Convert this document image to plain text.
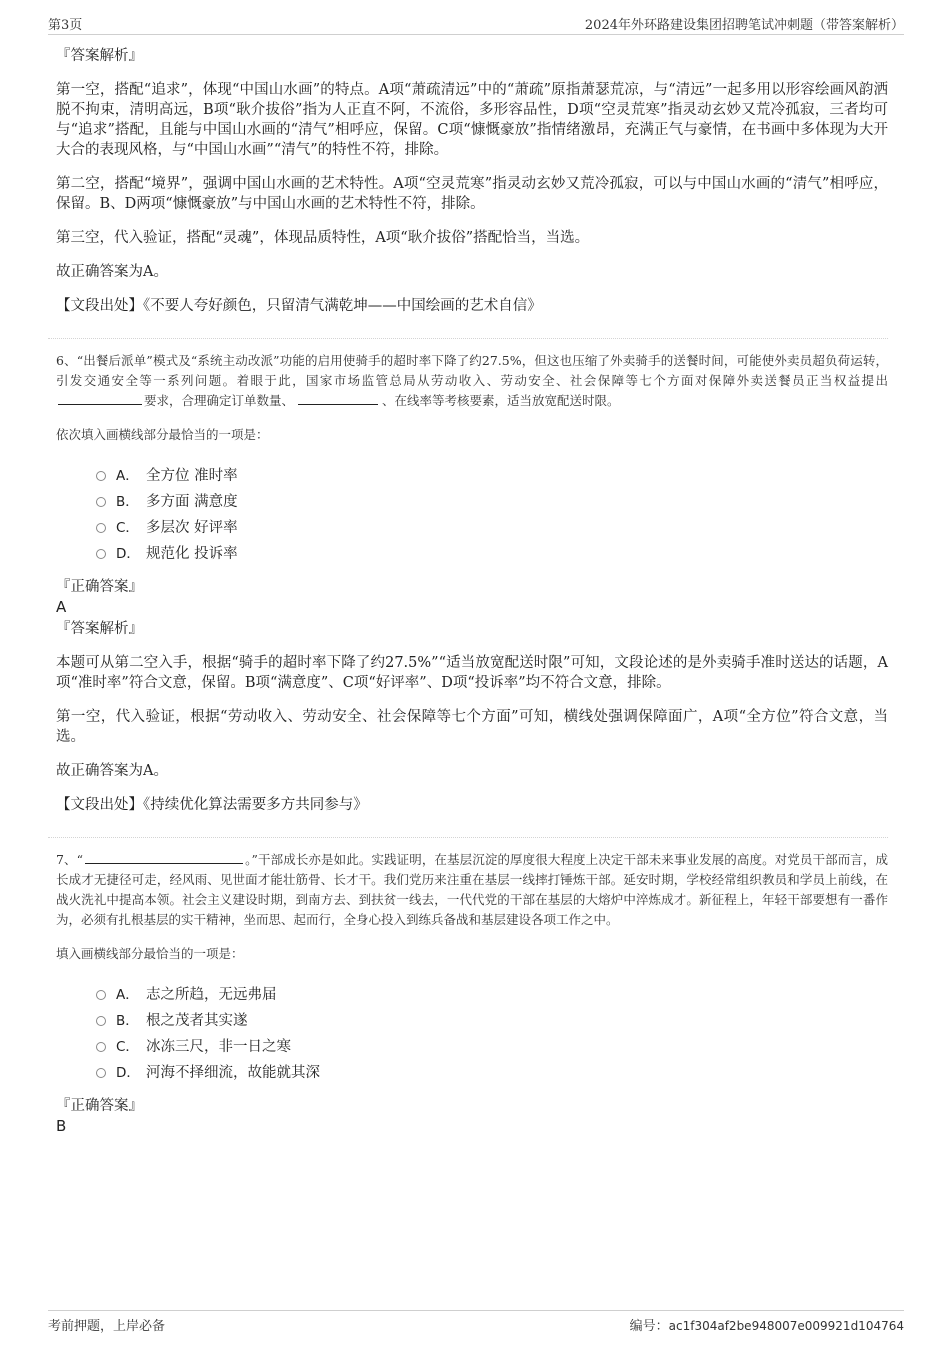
第3页	2024年外环路建设集团招聘笔试冲刺题（带答案解析）

『答案解析』

第一空，搭配“追求”，体现“中国山水画”的特点。A项“萧疏清远”中的“萧疏”原指萧瑟荒凉，与“清远”一起多用以形容绘画风韵洒脱不拘束，清明高远，B项“耿介拔俗”指为人正直不阿，不流俗，多形容品性，D项“空灵荒寒”指灵动玄妙又荒冷孤寂，三者均可与“追求”搭配，且能与中国山水画的“清气”相呼应，保留。C项“慷慨豪放”指情绪激昂，充满正气与豪情，在书画中多体现为大开大合的表现风格，与“中国山水画”“清气”的特性不符，排除。

第二空，搭配“境界”，强调中国山水画的艺术特性。A项“空灵荒寒”指灵动玄妙又荒冷孤寂，可以与中国山水画的“清气”相呼应，保留。B、D两项“慷慨豪放”与中国山水画的艺术特性不符，排除。

第三空，代入验证，搭配“灵魂”，体现品质特性，A项“耿介拔俗”搭配恰当，当选。

故正确答案为A。

【文段出处】《不要人夸好颜色，只留清气满乾坤——中国绘画的艺术自信》

6、“出餐后派单”模式及“系统主动改派”功能的启用使骑手的超时率下降了约27.5%，但这也压缩了外卖骑手的送餐时间，可能使外卖员超负荷运转，引发交通安全等一系列问题。着眼于此，国家市场监管总局从劳动收入、劳动安全、社会保障等七个方面对保障外卖送餐员正当权益提出要求，合理确定订单数量、	、在线率等考核要素，适当放宽配送时限。

依次填入画横线部分最恰当的一项是：

A． 全方位 准时率
B． 多方面 满意度
C． 多层次 好评率
D． 规范化 投诉率

『正确答案』

A

『答案解析』

本题可从第二空入手，根据“骑手的超时率下降了约27.5%”“适当放宽配送时限”可知，文段论述的是外卖骑手准时送达的话题，A项“准时率”符合文意，保留。B项“满意度”、C项“好评率”、D项“投诉率”均不符合文意，排除。

第一空，代入验证，根据“劳动收入、劳动安全、社会保障等七个方面”可知，横线处强调保障面广，A项“全方位”符合文意，当选。

故正确答案为A。

【文段出处】《持续优化算法需要多方共同参与》

7、“	。”干部成长亦是如此。实践证明，在基层沉淀的厚度很大程度上决定干部未来事业发展的高度。对党员干部而言，成长成才无捷径可走，经风雨、见世面才能壮筋骨、长才干。我们党历来注重在基层一线摔打锤炼干部。延安时期，学校经常组织教员和学员上前线，在战火洗礼中提高本领。社会主义建设时期，到南方去、到扶贫一线去，一代代党的干部在基层的大熔炉中淬炼成才。新征程上，年轻干部要想有一番作为，必须有扎根基层的实干精神，坐而思、起而行，全身心投入到练兵备战和基层建设各项工作之中。

填入画横线部分最恰当的一项是：

A． 志之所趋，无远弗届
B． 根之茂者其实遂
C． 冰冻三尺，非一日之寒
D． 河海不择细流，故能就其深

『正确答案』

B

考前押题，上岸必备	编号：ac1f304af2be948007e009921d104764
